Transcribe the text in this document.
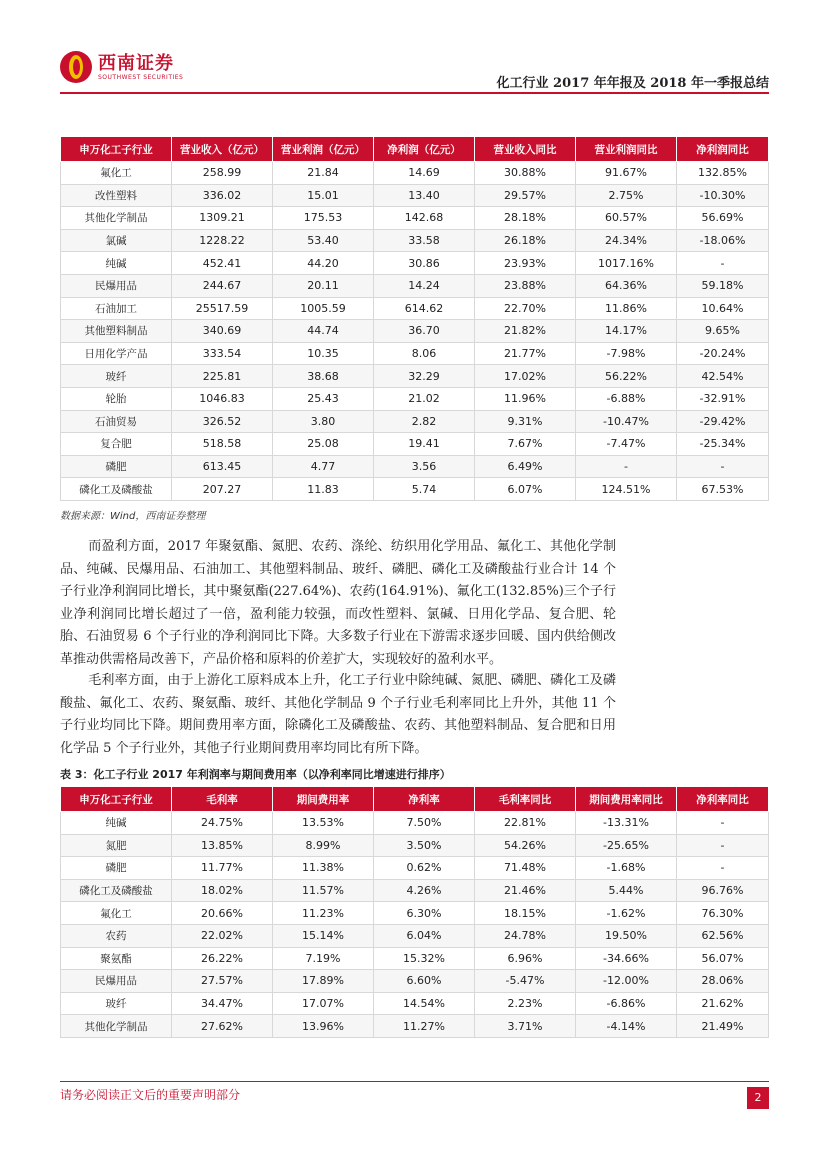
西南证券
SOUTHWEST SECURITIES	化工行业 2017 年年报及 2018 年一季报总结
申万化工子行业	营业收入（亿元）	营业利润（亿元）	净利润（亿元）	营业收入同比	营业利润同比	净利润同比
氟化工	258.99	21.84	14.69	30.88%	91.67%	132.85%
改性塑料	336.02	15.01	13.40	29.57%	2.75%	-10.30%
其他化学制品	1309.21	175.53	142.68	28.18%	60.57%	56.69%
氯碱	1228.22	53.40	33.58	26.18%	24.34%	-18.06%
纯碱	452.41	44.20	30.86	23.93%	1017.16%	-
民爆用品	244.67	20.11	14.24	23.88%	64.36%	59.18%
石油加工	25517.59	1005.59	614.62	22.70%	11.86%	10.64%
其他塑料制品	340.69	44.74	36.70	21.82%	14.17%	9.65%
日用化学产品	333.54	10.35	8.06	21.77%	-7.98%	-20.24%
玻纤	225.81	38.68	32.29	17.02%	56.22%	42.54%
轮胎	1046.83	25.43	21.02	11.96%	-6.88%	-32.91%
石油贸易	326.52	3.80	2.82	9.31%	-10.47%	-29.42%
复合肥	518.58	25.08	19.41	7.67%	-7.47%	-25.34%
磷肥	613.45	4.77	3.56	6.49%	-	-
磷化工及磷酸盐	207.27	11.83	5.74	6.07%	124.51%	67.53%
数据来源：Wind，西南证券整理
而盈利方面，2017 年聚氨酯、氮肥、农药、涤纶、纺织用化学用品、氟化工、其他化学制品、纯碱、民爆用品、石油加工、其他塑料制品、玻纤、磷肥、磷化工及磷酸盐行业合计 14 个子行业净利润同比增长，其中聚氨酯(227.64%)、农药(164.91%)、氟化工(132.85%)三个子行业净利润同比增长超过了一倍，盈利能力较强，而改性塑料、氯碱、日用化学品、复合肥、轮胎、石油贸易 6 个子行业的净利润同比下降。大多数子行业在下游需求逐步回暖、国内供给侧改革推动供需格局改善下，产品价格和原料的价差扩大，实现较好的盈利水平。
毛利率方面，由于上游化工原料成本上升，化工子行业中除纯碱、氮肥、磷肥、磷化工及磷酸盐、氟化工、农药、聚氨酯、玻纤、其他化学制品 9 个子行业毛利率同比上升外，其他 11 个子行业均同比下降。期间费用率方面，除磷化工及磷酸盐、农药、其他塑料制品、复合肥和日用化学品 5 个子行业外，其他子行业期间费用率均同比有所下降。
表 3：化工子行业 2017 年利润率与期间费用率（以净利率同比增速进行排序）
申万化工子行业	毛利率	期间费用率	净利率	毛利率同比	期间费用率同比	净利率同比
纯碱	24.75%	13.53%	7.50%	22.81%	-13.31%	-
氮肥	13.85%	8.99%	3.50%	54.26%	-25.65%	-
磷肥	11.77%	11.38%	0.62%	71.48%	-1.68%	-
磷化工及磷酸盐	18.02%	11.57%	4.26%	21.46%	5.44%	96.76%
氟化工	20.66%	11.23%	6.30%	18.15%	-1.62%	76.30%
农药	22.02%	15.14%	6.04%	24.78%	19.50%	62.56%
聚氨酯	26.22%	7.19%	15.32%	6.96%	-34.66%	56.07%
民爆用品	27.57%	17.89%	6.60%	-5.47%	-12.00%	28.06%
玻纤	34.47%	17.07%	14.54%	2.23%	-6.86%	21.62%
其他化学制品	27.62%	13.96%	11.27%	3.71%	-4.14%	21.49%
请务必阅读正文后的重要声明部分	2
